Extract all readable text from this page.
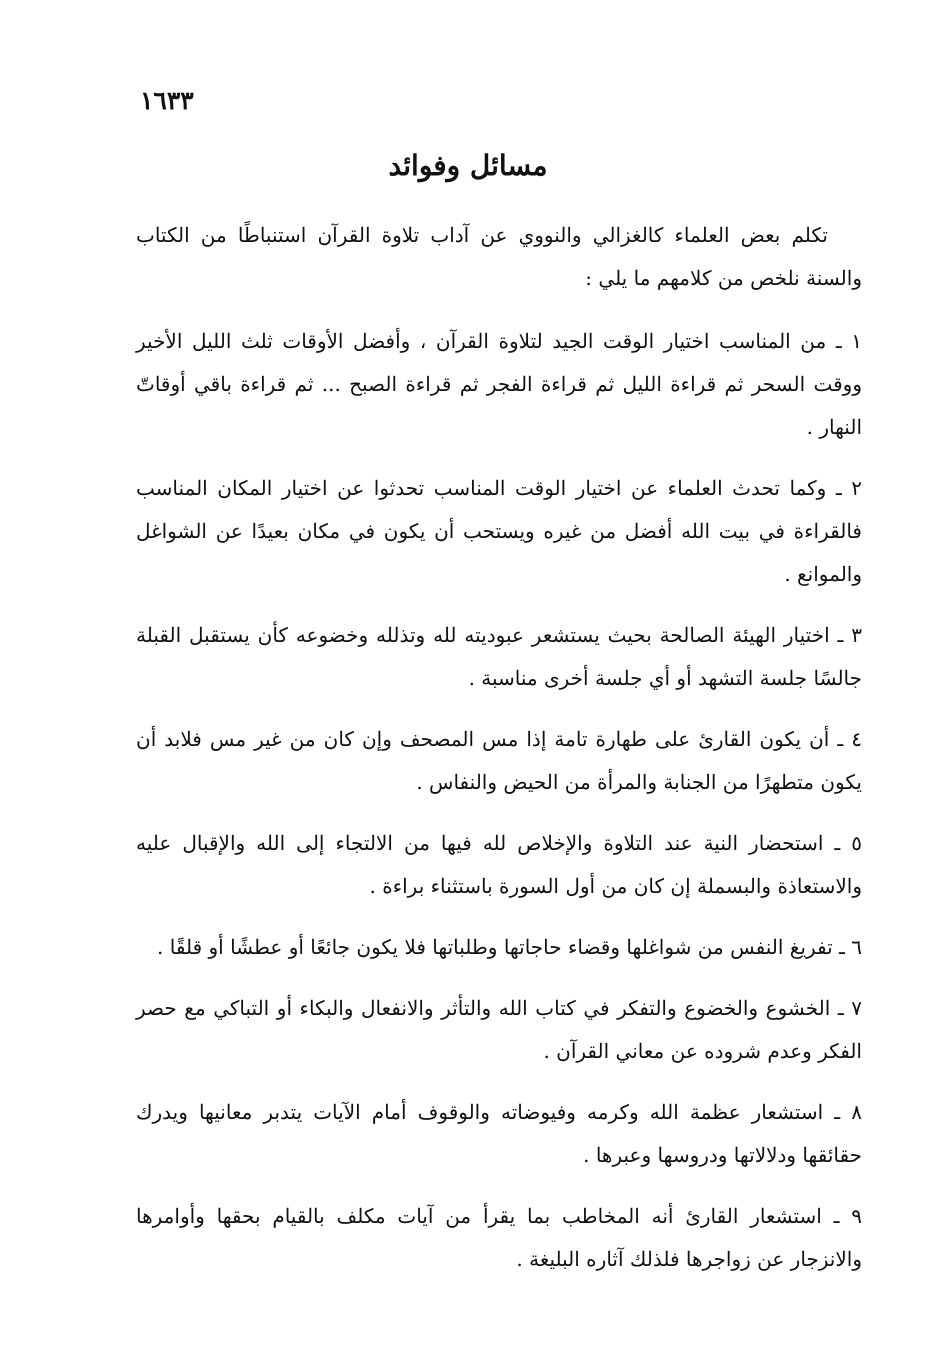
١٦٣٣
مسائل وفوائد

تكلم بعض العلماء كالغزالي والنووي عن آداب تلاوة القرآن استنباطًا من الكتاب والسنة نلخص من كلامهم ما يلي :

١ ـ من المناسب اختيار الوقت الجيد لتلاوة القرآن ، وأفضل الأوقات ثلث الليل الأخير ووقت السحر ثم قراءة الليل ثم قراءة الفجر ثم قراءة الصبح ... ثم قراءة باقي أوقاتّ النهار .

٢ ـ وكما تحدث العلماء عن اختيار الوقت المناسب تحدثوا عن اختيار المكان المناسب فالقراءة في بيت الله أفضل من غيره ويستحب أن يكون في مكان بعيدًا عن الشواغل والموانع .

٣ ـ اختيار الهيئة الصالحة بحيث يستشعر عبوديته لله وتذلله وخضوعه كأن يستقبل القبلة جالسًا جلسة التشهد أو أي جلسة أخرى مناسبة .

٤ ـ أن يكون القارئ على طهارة تامة إذا مس المصحف وإن كان من غير مس فلابد أن يكون متطهرًا من الجنابة والمرأة من الحيض والنفاس .

٥ ـ استحضار النية عند التلاوة والإخلاص لله فيها من الالتجاء إلى الله والإقبال عليه والاستعاذة والبسملة إن كان من أول السورة باستثناء براءة .

٦ ـ تفريغ النفس من شواغلها وقضاء حاجاتها وطلباتها فلا يكون جائعًا أو عطشًا أو قلقًا .

٧ ـ الخشوع والخضوع والتفكر في كتاب الله والتأثر والانفعال والبكاء أو التباكي مع حصر الفكر وعدم شروده عن معاني القرآن .

٨ ـ استشعار عظمة الله وكرمه وفيوضاته والوقوف أمام الآيات يتدبر معانيها ويدرك حقائقها ودلالاتها ودروسها وعبرها .

٩ ـ استشعار القارئ أنه المخاطب بما يقرأ من آيات مكلف بالقيام بحقها وأوامرها والانزجار عن زواجرها فلذلك آثاره البليغة .
